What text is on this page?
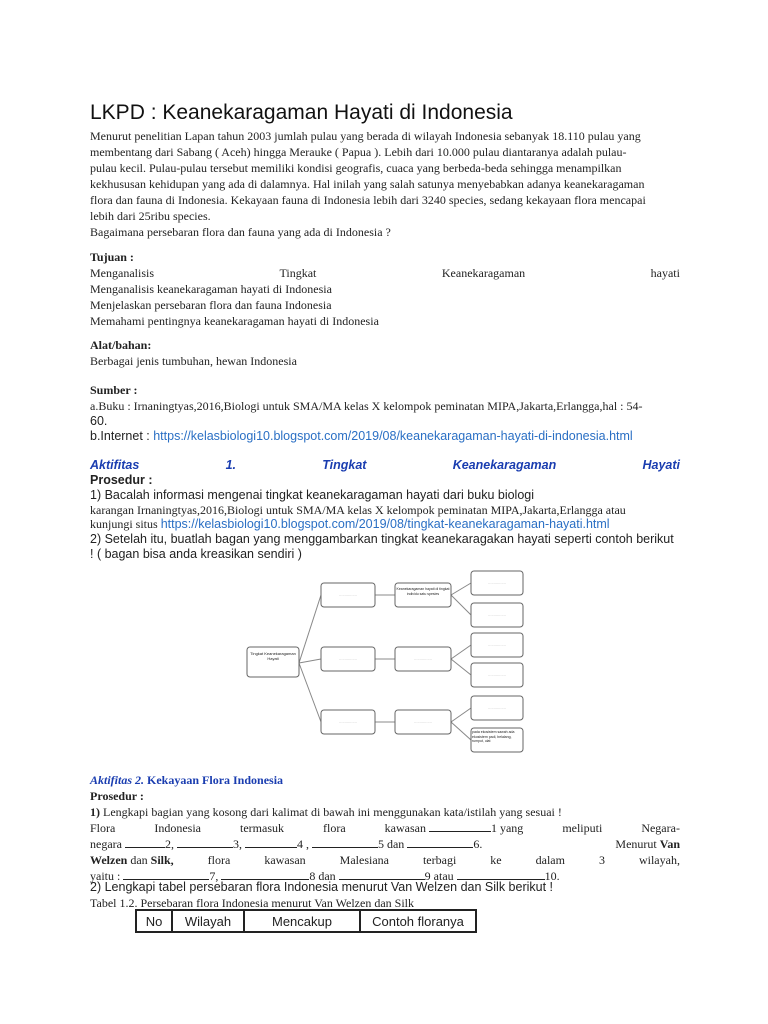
LKPD : Keanekaragaman Hayati di Indonesia
Menurut penelitian Lapan tahun 2003 jumlah pulau yang berada di wilayah Indonesia sebanyak 18.110 pulau yang
membentang dari Sabang ( Aceh) hingga Merauke ( Papua ). Lebih dari 10.000 pulau diantaranya adalah pulau-
pulau kecil. Pulau-pulau tersebut memiliki kondisi geografis, cuaca yang berbeda-beda sehingga menampilkan
kekhususan kehidupan yang ada di dalamnya. Hal inilah yang salah satunya menyebabkan adanya keanekaragaman
flora dan fauna di Indonesia. Kekayaan fauna di Indonesia lebih dari 3240 species, sedang kekayaan flora mencapai
lebih dari 25ribu species.
Bagaimana persebaran flora dan fauna yang ada di Indonesia ?
Tujuan :
Menganalisis	Tingkat	Keanekaragaman	hayati
Menganalisis keanekaragaman hayati di Indonesia
Menjelaskan persebaran flora dan fauna Indonesia
Memahami pentingnya keanekaragaman hayati di Indonesia
Alat/bahan:
Berbagai jenis tumbuhan, hewan Indonesia
Sumber :
a.Buku : Irnaningtyas,2016,Biologi untuk SMA/MA kelas X kelompok peminatan MIPA,Jakarta,Erlangga,hal : 54-
60.
b.Internet : https://kelasbiologi10.blogspot.com/2019/08/keanekaragaman-hayati-di-indonesia.html
Aktifitas	1.	Tingkat	Keanekaragaman	Hayati
Prosedur :
1) Bacalah informasi mengenai tingkat keanekaragaman hayati dari buku biologi
karangan Irnaningtyas,2016,Biologi untuk SMA/MA kelas X kelompok peminatan MIPA,Jakarta,Erlangga atau
kunjungi situs https://kelasbiologi10.blogspot.com/2019/08/tingkat-keanekaragaman-hayati.html
2) Setelah itu, buatlah bagan yang menggambarkan tingkat keanekaragakan hayati seperti contoh berikut
! ( bagan bisa anda kreasikan sendiri )
Tingkat Keanekaragaman Hayati
Keanekaragaman hayati di tingkat individu satu spesies
pada ekosistem sawah ada ekosistem padi, belalang, rumput, ulat
................
................
................
................
................
................
................
................
................
................
Aktifitas 2. Kekayaan Flora Indonesia
Prosedur :
1) Lengkapi bagian yang kosong dari kalimat di bawah ini menggunakan kata/istilah yang sesuai !
Flora	Indonesia	termasuk	flora	kawasan	1 yang	meliputi	Negara-
negara	2,	3,	4 ,	5 dan	6.	Menurut Van
Welzen dan Silk,	flora	kawasan	Malesiana	terbagi	ke	dalam	3	wilayah,
yaitu :	7,	8 dan	9 atau	10.
2) Lengkapi tabel persebaran flora Indonesia menurut Van Welzen dan Silk berikut !
Tabel 1.2. Persebaran flora Indonesia menurut Van Welzen dan Silk
No	Wilayah	Mencakup	Contoh floranya
